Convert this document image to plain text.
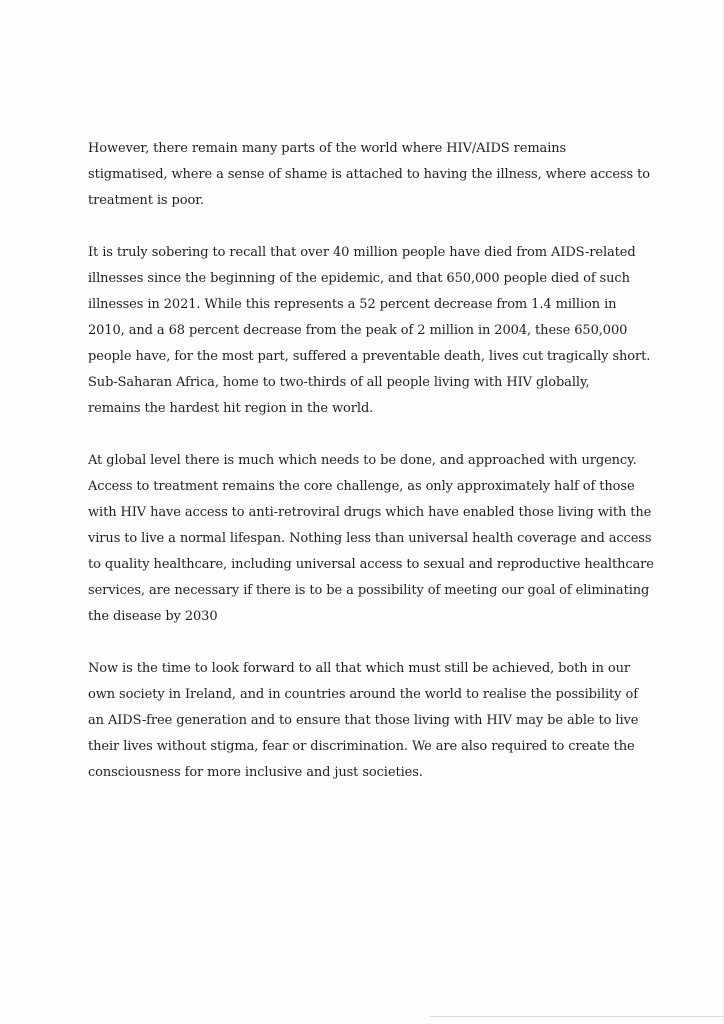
However, there remain many parts of the world where HIV/AIDS remains
stigmatised, where a sense of shame is attached to having the illness, where access to
treatment is poor.

It is truly sobering to recall that over 40 million people have died from AIDS-related
illnesses since the beginning of the epidemic, and that 650,000 people died of such
illnesses in 2021. While this represents a 52 percent decrease from 1.4 million in
2010, and a 68 percent decrease from the peak of 2 million in 2004, these 650,000
people have, for the most part, suffered a preventable death, lives cut tragically short.
Sub-Saharan Africa, home to two-thirds of all people living with HIV globally,
remains the hardest hit region in the world.

At global level there is much which needs to be done, and approached with urgency.
Access to treatment remains the core challenge, as only approximately half of those
with HIV have access to anti-retroviral drugs which have enabled those living with the
virus to live a normal lifespan. Nothing less than universal health coverage and access
to quality healthcare, including universal access to sexual and reproductive healthcare
services, are necessary if there is to be a possibility of meeting our goal of eliminating
the disease by 2030

Now is the time to look forward to all that which must still be achieved, both in our
own society in Ireland, and in countries around the world to realise the possibility of
an AIDS-free generation and to ensure that those living with HIV may be able to live
their lives without stigma, fear or discrimination. We are also required to create the
consciousness for more inclusive and just societies.
